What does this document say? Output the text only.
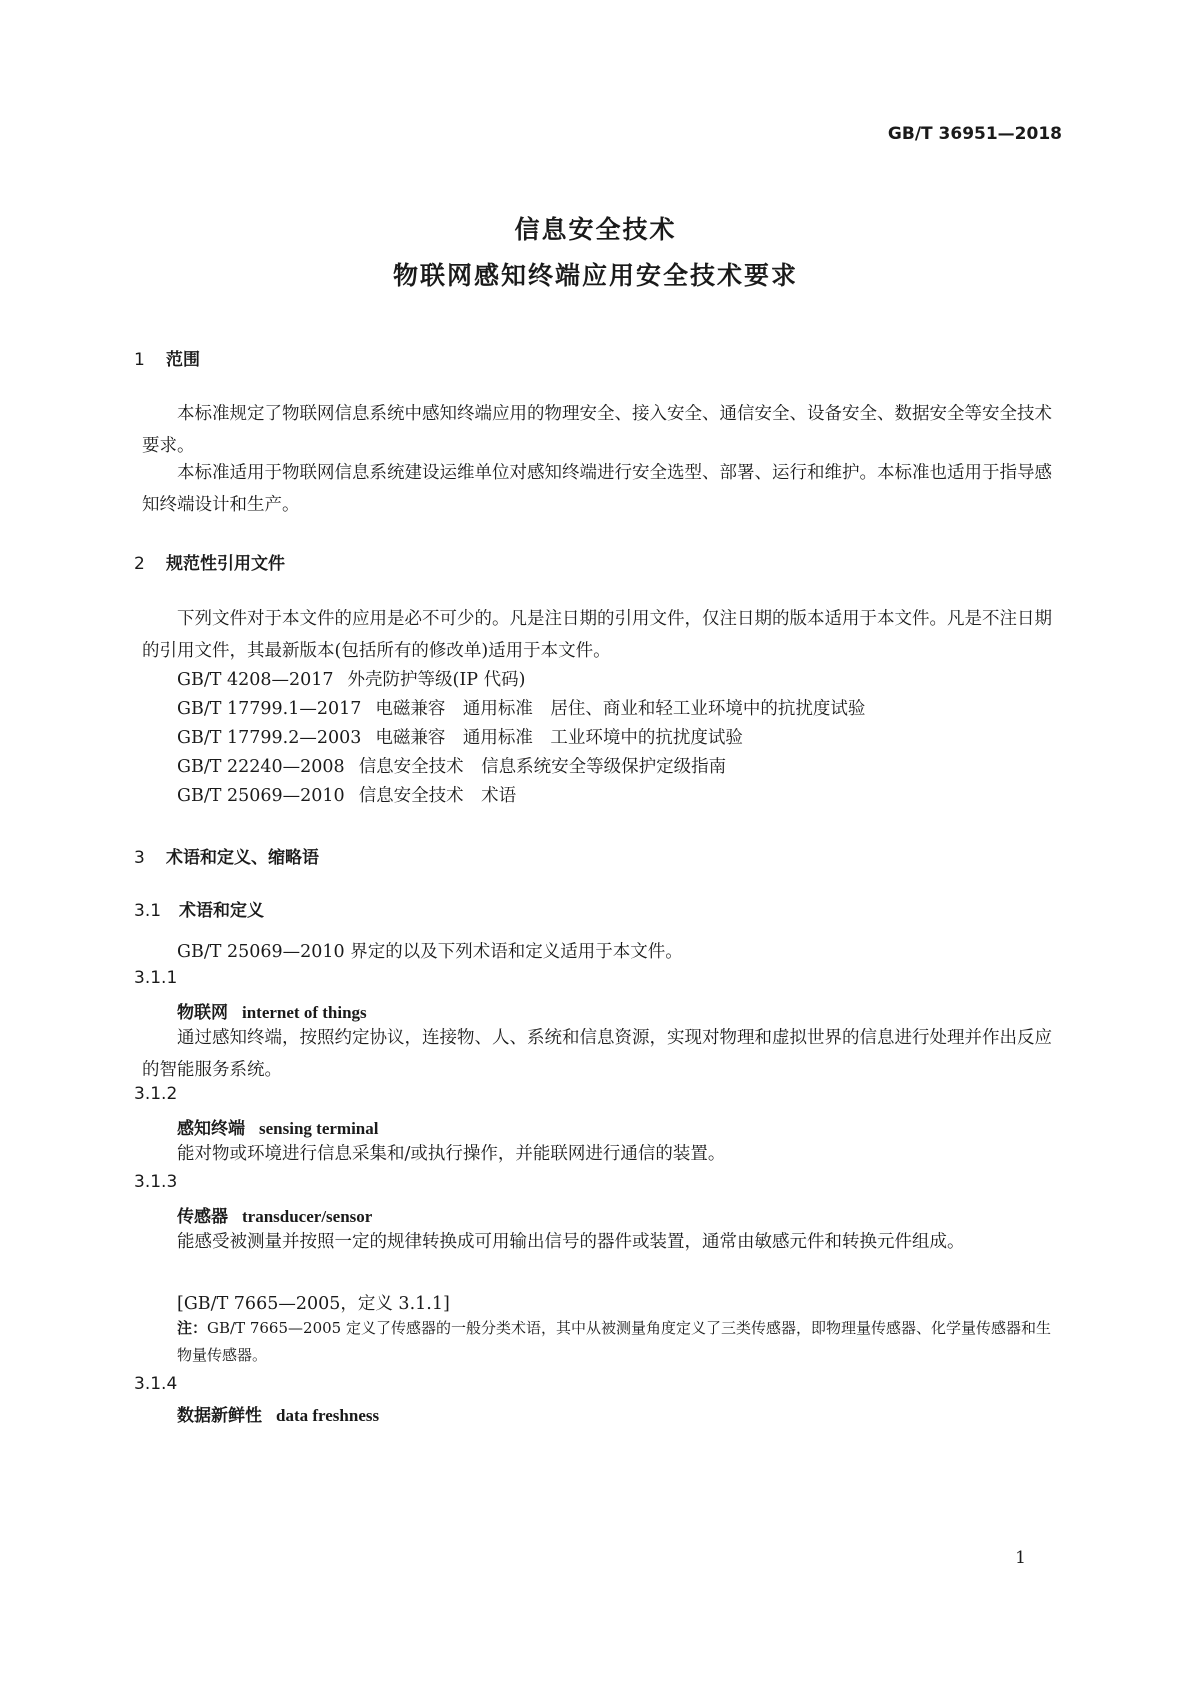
GB/T 36951—2018
信息安全技术
物联网感知终端应用安全技术要求
1 范围
本标准规定了物联网信息系统中感知终端应用的物理安全、接入安全、通信安全、设备安全、数据安全等安全技术要求。
本标准适用于物联网信息系统建设运维单位对感知终端进行安全选型、部署、运行和维护。本标准也适用于指导感知终端设计和生产。
2 规范性引用文件
下列文件对于本文件的应用是必不可少的。凡是注日期的引用文件，仅注日期的版本适用于本文件。凡是不注日期的引用文件，其最新版本(包括所有的修改单)适用于本文件。
GB/T 4208—2017 外壳防护等级(IP 代码)
GB/T 17799.1—2017 电磁兼容　通用标准　居住、商业和轻工业环境中的抗扰度试验
GB/T 17799.2—2003 电磁兼容　通用标准　工业环境中的抗扰度试验
GB/T 22240—2008 信息安全技术　信息系统安全等级保护定级指南
GB/T 25069—2010 信息安全技术　术语
3 术语和定义、缩略语
3.1 术语和定义
GB/T 25069—2010 界定的以及下列术语和定义适用于本文件。
3.1.1
物联网 internet of things
通过感知终端，按照约定协议，连接物、人、系统和信息资源，实现对物理和虚拟世界的信息进行处理并作出反应的智能服务系统。
3.1.2
感知终端 sensing terminal
能对物或环境进行信息采集和/或执行操作，并能联网进行通信的装置。
3.1.3
传感器 transducer/sensor
能感受被测量并按照一定的规律转换成可用输出信号的器件或装置，通常由敏感元件和转换元件组成。
[GB/T 7665—2005，定义 3.1.1]
注：GB/T 7665—2005 定义了传感器的一般分类术语，其中从被测量角度定义了三类传感器，即物理量传感器、化学量传感器和生物量传感器。
3.1.4
数据新鲜性 data freshness
1
